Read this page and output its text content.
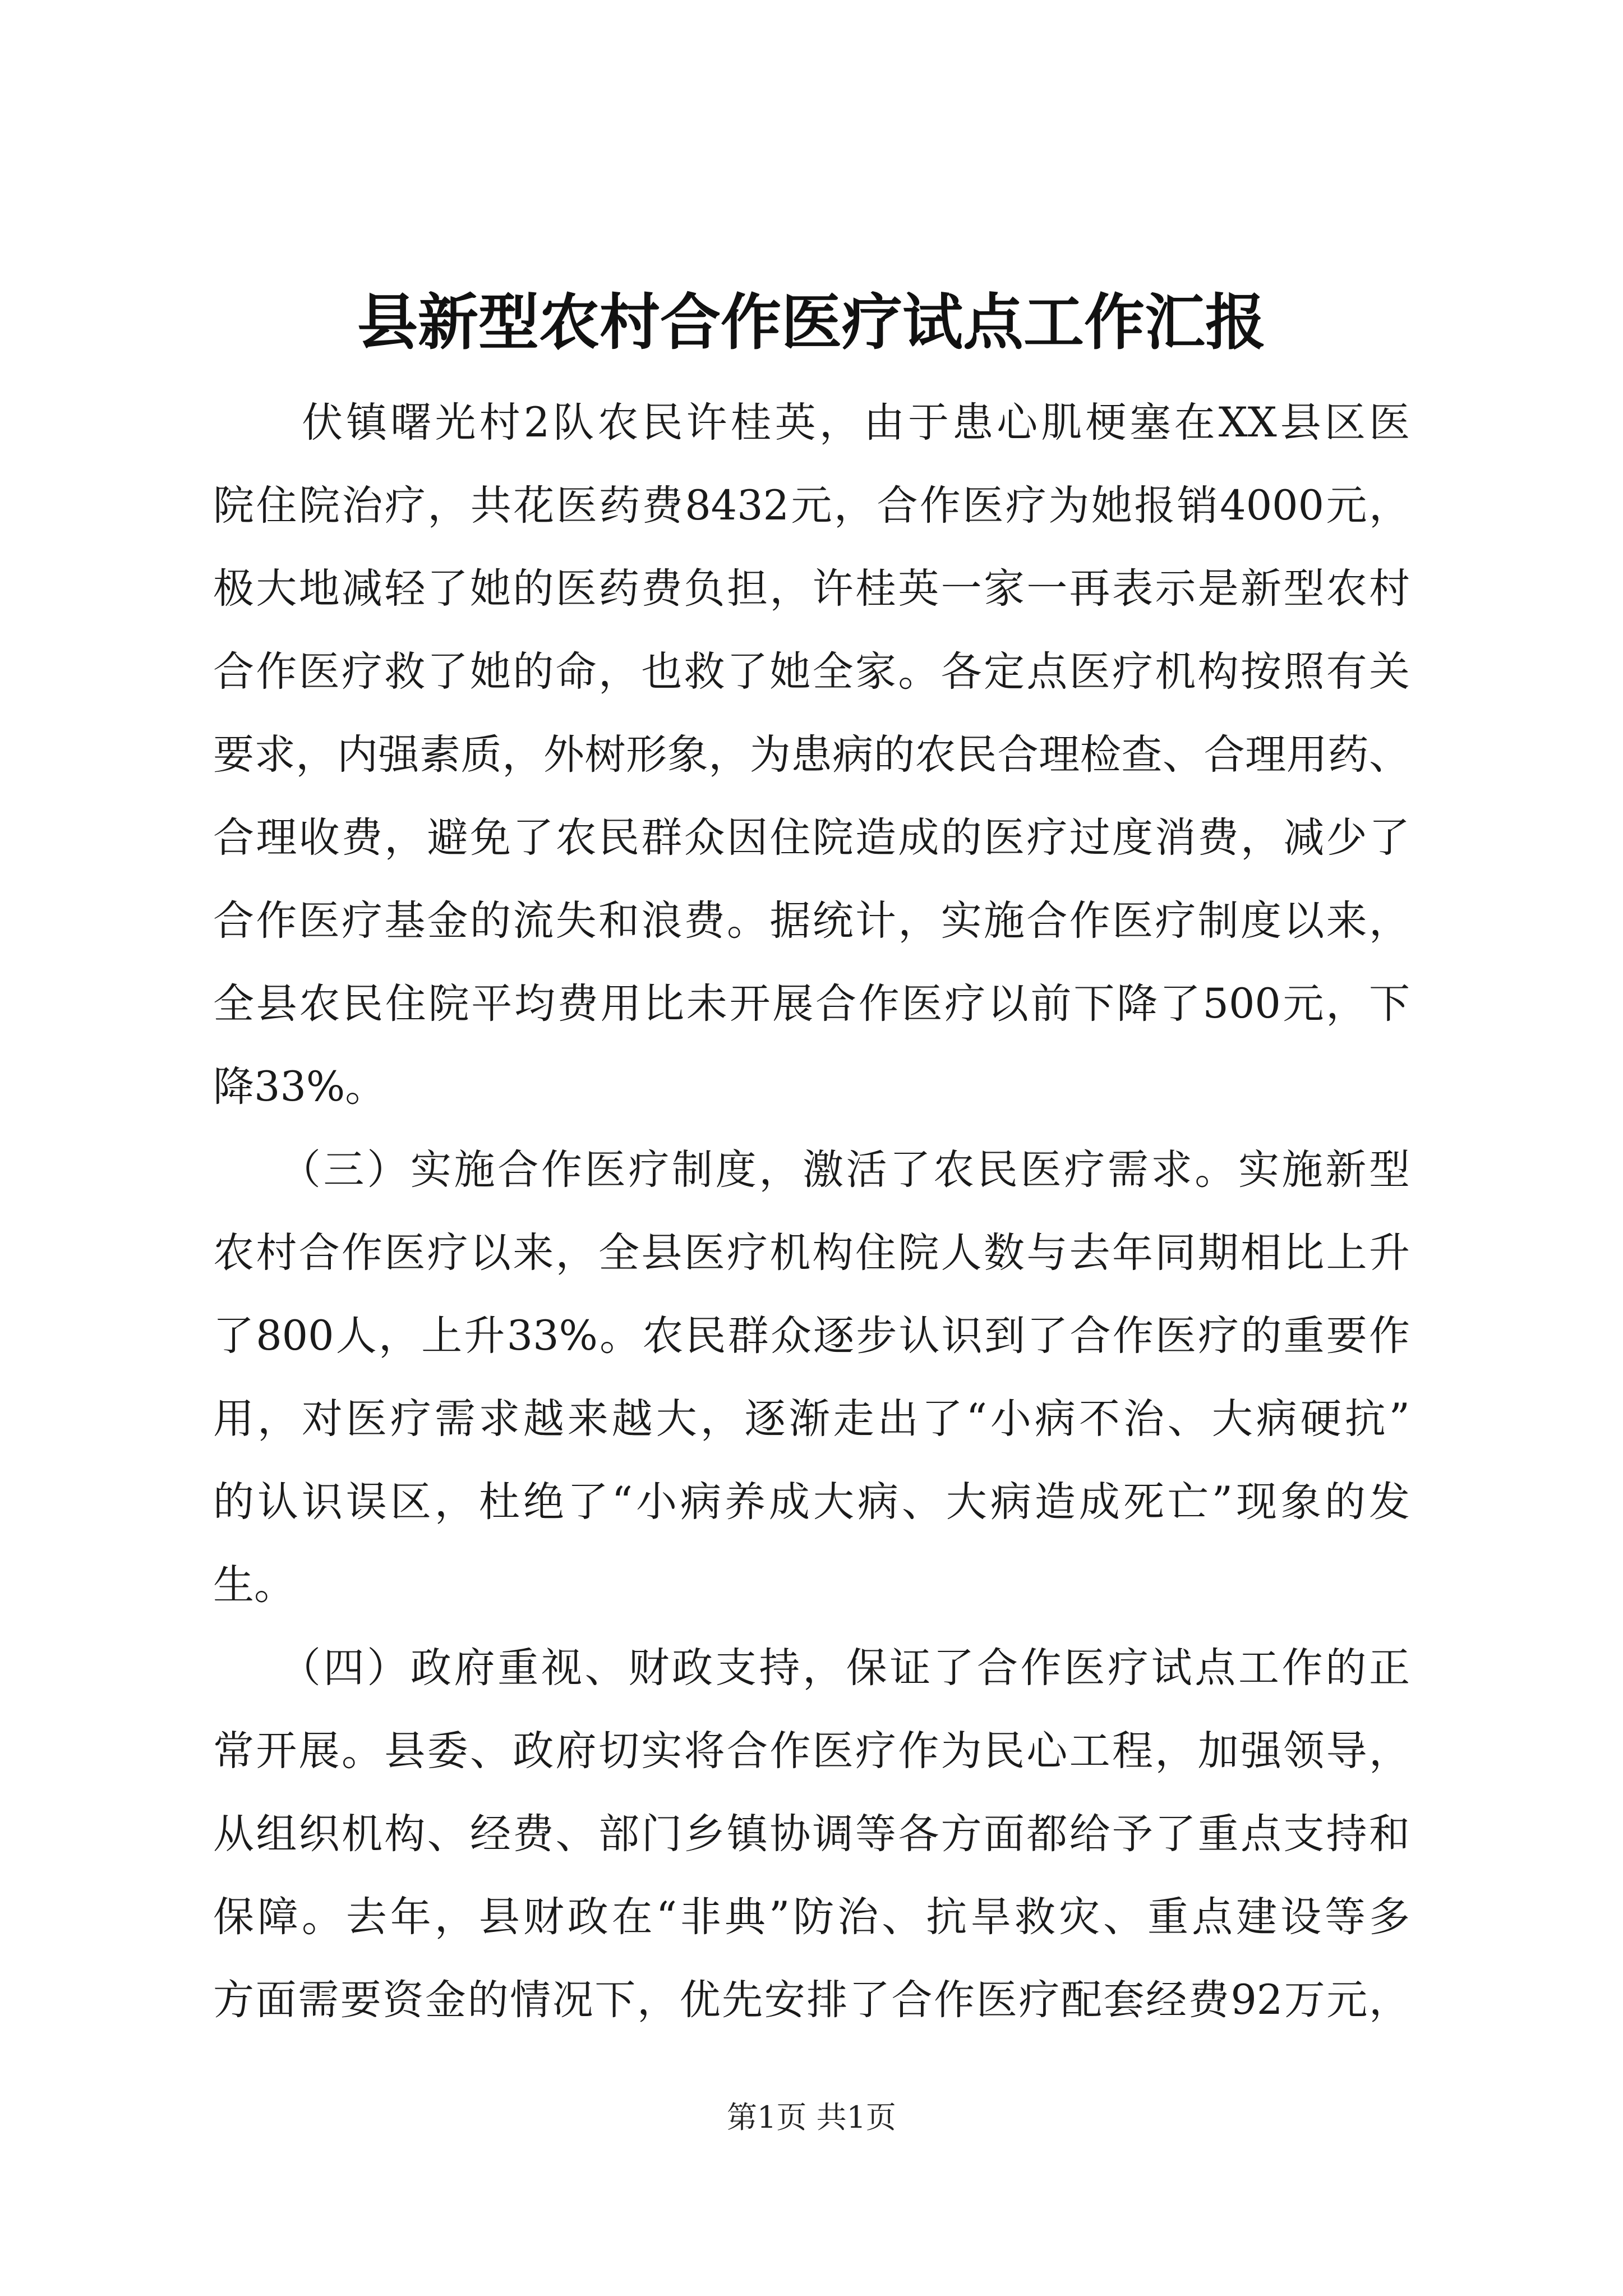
县新型农村合作医疗试点工作汇报
　　伏镇曙光村2队农民许桂英，由于患心肌梗塞在XX县区医
院住院治疗，共花医药费8432元，合作医疗为她报销4000元，
极大地减轻了她的医药费负担，许桂英一家一再表示是新型农村
合作医疗救了她的命，也救了她全家。各定点医疗机构按照有关
要求，内强素质，外树形象，为患病的农民合理检查、合理用药、
合理收费，避免了农民群众因住院造成的医疗过度消费，减少了
合作医疗基金的流失和浪费。据统计，实施合作医疗制度以来，
全县农民住院平均费用比未开展合作医疗以前下降了500元，下
降33%。
　　（三）实施合作医疗制度，激活了农民医疗需求。实施新型
农村合作医疗以来，全县医疗机构住院人数与去年同期相比上升
了800人，上升33%。农民群众逐步认识到了合作医疗的重要作
用，对医疗需求越来越大，逐渐走出了“小病不治、大病硬抗”
的认识误区，杜绝了“小病养成大病、大病造成死亡”现象的发
生。
　　（四）政府重视、财政支持，保证了合作医疗试点工作的正
常开展。县委、政府切实将合作医疗作为民心工程，加强领导，
从组织机构、经费、部门乡镇协调等各方面都给予了重点支持和
保障。去年，县财政在“非典”防治、抗旱救灾、重点建设等多
方面需要资金的情况下，优先安排了合作医疗配套经费92万元，
第1页 共1页
